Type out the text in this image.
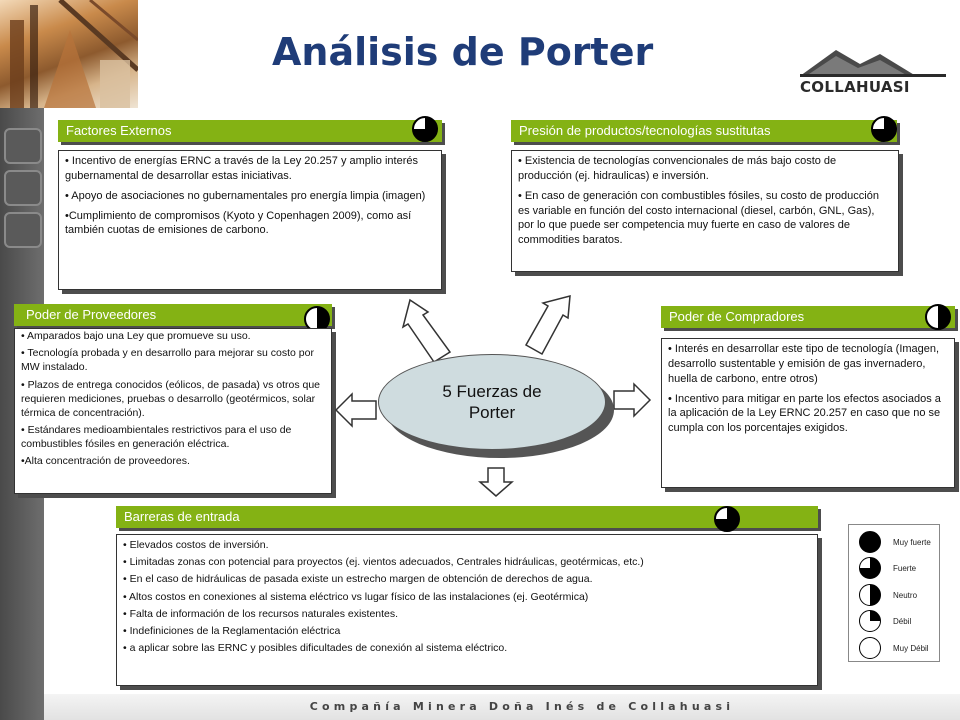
Análisis de Porter
COLLAHUASI
Factores Externos

• Incentivo de energías ERNC a través de la Ley 20.257 y amplio interés gubernamental de desarrollar estas iniciativas.

• Apoyo de asociaciones no gubernamentales pro energía limpia (imagen)

•Cumplimiento de compromisos (Kyoto y Copenhagen 2009), como así también cuotas de emisiones de carbono.

Presión de productos/tecnologías sustitutas

• Existencia de tecnologías convencionales de más bajo costo de producción (ej. hidraulicas) e inversión.

• En caso de generación con combustibles fósiles, su costo de producción es variable en función del costo internacional (diesel, carbón, GNL, Gas), por lo que puede ser competencia muy fuerte en caso de valores de commodities baratos.

Poder de Proveedores

• Amparados bajo una Ley que promueve su uso.

• Tecnología probada y en desarrollo para mejorar su costo por MW instalado.

• Plazos de entrega conocidos (eólicos, de pasada) vs otros que requieren mediciones, pruebas o desarrollo (geotérmicos, solar térmica de concentración).

• Estándares medioambientales restrictivos para el uso de combustibles fósiles en generación eléctrica.

•Alta concentración de proveedores.

Poder de Compradores

• Interés en desarrollar este tipo de tecnología (Imagen, desarrollo sustentable y emisión de gas invernadero, huella de carbono, entre otros)

• Incentivo para mitigar en parte los efectos asociados a la aplicación de la Ley ERNC 20.257 en caso que no se cumpla con los porcentajes exigidos.

Barreras de entrada

• Elevados costos de inversión.

• Limitadas zonas con potencial para proyectos (ej. vientos adecuados, Centrales hidráulicas, geotérmicas, etc.)

• En el caso de hidráulicas de pasada existe un estrecho margen de obtención de derechos de agua.

• Altos costos en conexiones al sistema eléctrico vs lugar físico de las instalaciones (ej. Geotérmica)

• Falta de información de los recursos naturales existentes.

• Indefiniciones de la Reglamentación eléctrica

• a aplicar sobre las ERNC y posibles dificultades de conexión al sistema eléctrico.

5 Fuerzas de
Porter
Muy fuerte
Fuerte
Neutro
Débil
Muy Débil
Compañía Minera Doña Inés de Collahuasi
